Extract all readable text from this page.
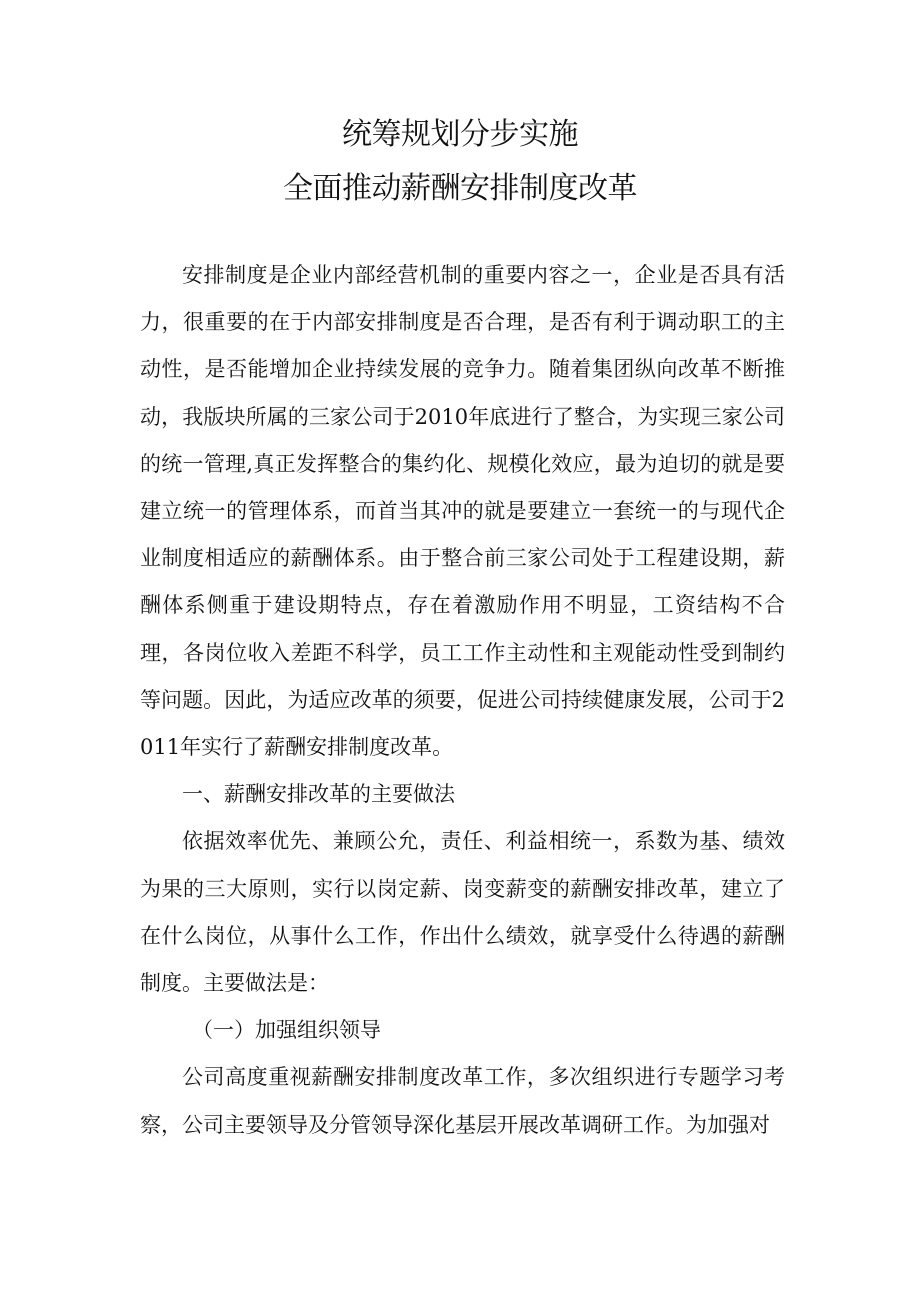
统筹规划分步实施
全面推动薪酬安排制度改革

安排制度是企业内部经营机制的重要内容之一，企业是否具有活力，很重要的在于内部安排制度是否合理，是否有利于调动职工的主动性，是否能增加企业持续发展的竞争力。随着集团纵向改革不断推动，我版块所属的三家公司于2010年底进行了整合，为实现三家公司的统一管理,真正发挥整合的集约化、规模化效应，最为迫切的就是要建立统一的管理体系，而首当其冲的就是要建立一套统一的与现代企业制度相适应的薪酬体系。由于整合前三家公司处于工程建设期，薪酬体系侧重于建设期特点，存在着激励作用不明显，工资结构不合理，各岗位收入差距不科学，员工工作主动性和主观能动性受到制约等问题。因此，为适应改革的须要，促进公司持续健康发展，公司于2011年实行了薪酬安排制度改革。

一、薪酬安排改革的主要做法

依据效率优先、兼顾公允，责任、利益相统一，系数为基、绩效为果的三大原则，实行以岗定薪、岗变薪变的薪酬安排改革，建立了在什么岗位，从事什么工作，作出什么绩效，就享受什么待遇的薪酬制度。主要做法是：

（一）加强组织领导

公司高度重视薪酬安排制度改革工作，多次组织进行专题学习考察，公司主要领导及分管领导深化基层开展改革调研工作。为加强对
